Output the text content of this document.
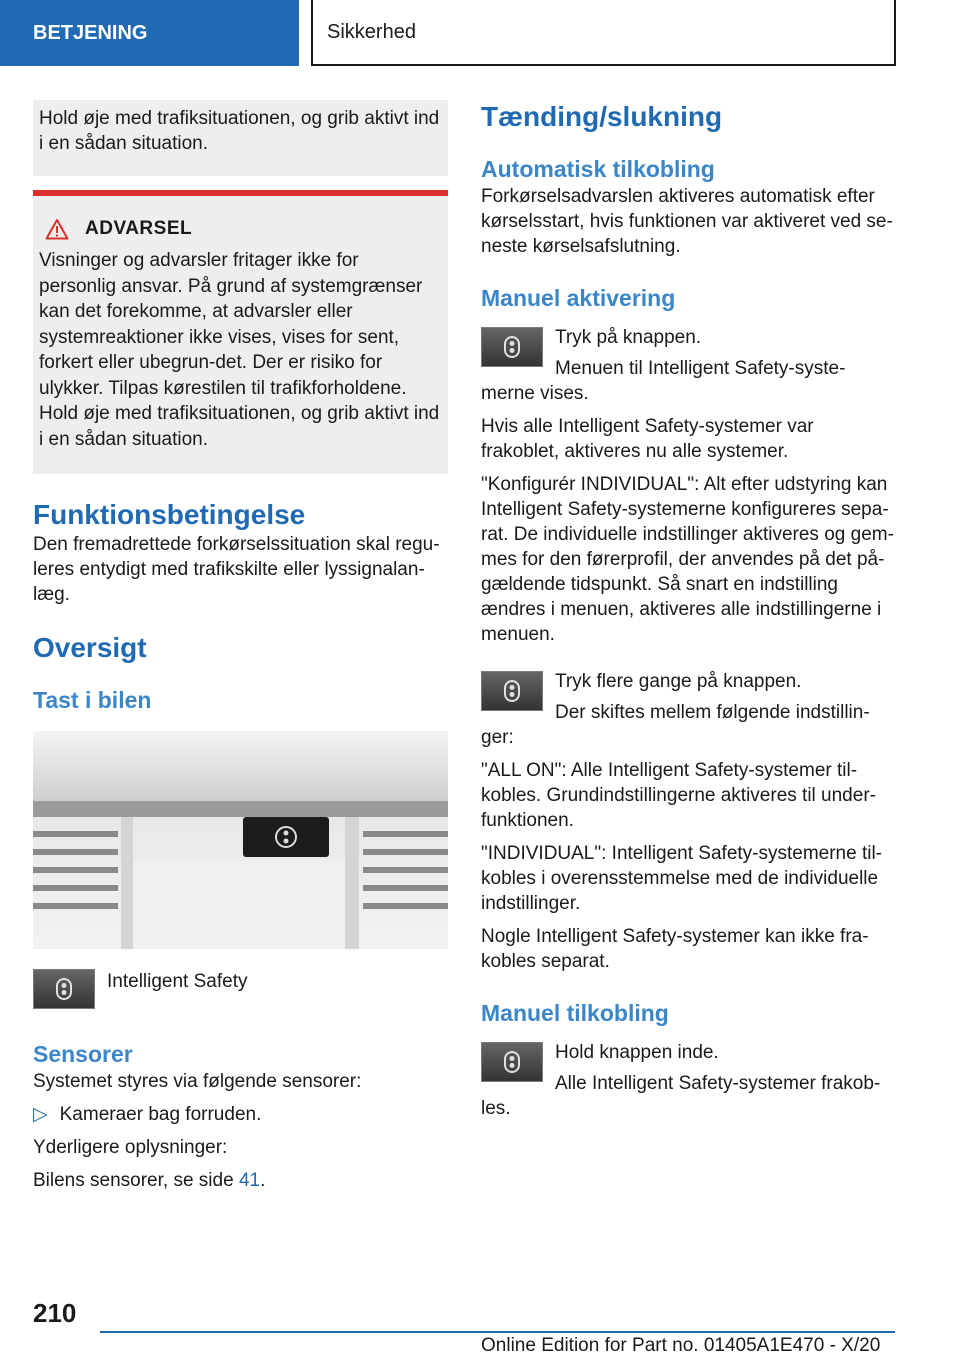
BETJENING	Sikkerhed
Hold øje med trafiksituationen, og grib aktivt ind i en sådan situation.
ADVARSEL
Visninger og advarsler fritager ikke for personlig ansvar. På grund af systemgrænser kan det forekomme, at advarsler eller systemreaktioner ikke vises, vises for sent, forkert eller ubegrun-det. Der er risiko for ulykker. Tilpas kørestilen til trafikforholdene. Hold øje med trafiksituationen, og grib aktivt ind i en sådan situation.
Funktionsbetingelse

Den fremadrettede forkørselssituation skal regu-leres entydigt med trafikskilte eller lyssignalan-læg.

Oversigt
Tast i bilen

Intelligent Safety

Sensorer

Systemet styres via følgende sensorer:

▷ Kameraer bag forruden.

Yderligere oplysninger:

Bilens sensorer, se side 41.

Tænding/slukning
Automatisk tilkobling

Forkørselsadvarslen aktiveres automatisk efter kørselsstart, hvis funktionen var aktiveret ved se-neste kørselsafslutning.

Manuel aktivering

Tryk på knappen.

Menuen til Intelligent Safety-syste-merne vises.

Hvis alle Intelligent Safety-systemer var frakoblet, aktiveres nu alle systemer.

"Konfigurér INDIVIDUAL": Alt efter udstyring kan Intelligent Safety-systemerne konfigureres sepa-rat. De individuelle indstillinger aktiveres og gem-mes for den førerprofil, der anvendes på det på-gældende tidspunkt. Så snart en indstilling ændres i menuen, aktiveres alle indstillingerne i menuen.

Tryk flere gange på knappen.

Der skiftes mellem følgende indstillin-ger:

"ALL ON": Alle Intelligent Safety-systemer til-kobles. Grundindstillingerne aktiveres til under-funktionen.

"INDIVIDUAL": Intelligent Safety-systemerne til-kobles i overensstemmelse med de individuelle indstillinger.

Nogle Intelligent Safety-systemer kan ikke fra-kobles separat.

Manuel tilkobling

Hold knappen inde.

Alle Intelligent Safety-systemer frakob-les.

210
Online Edition for Part no. 01405A1E470 - X/20
